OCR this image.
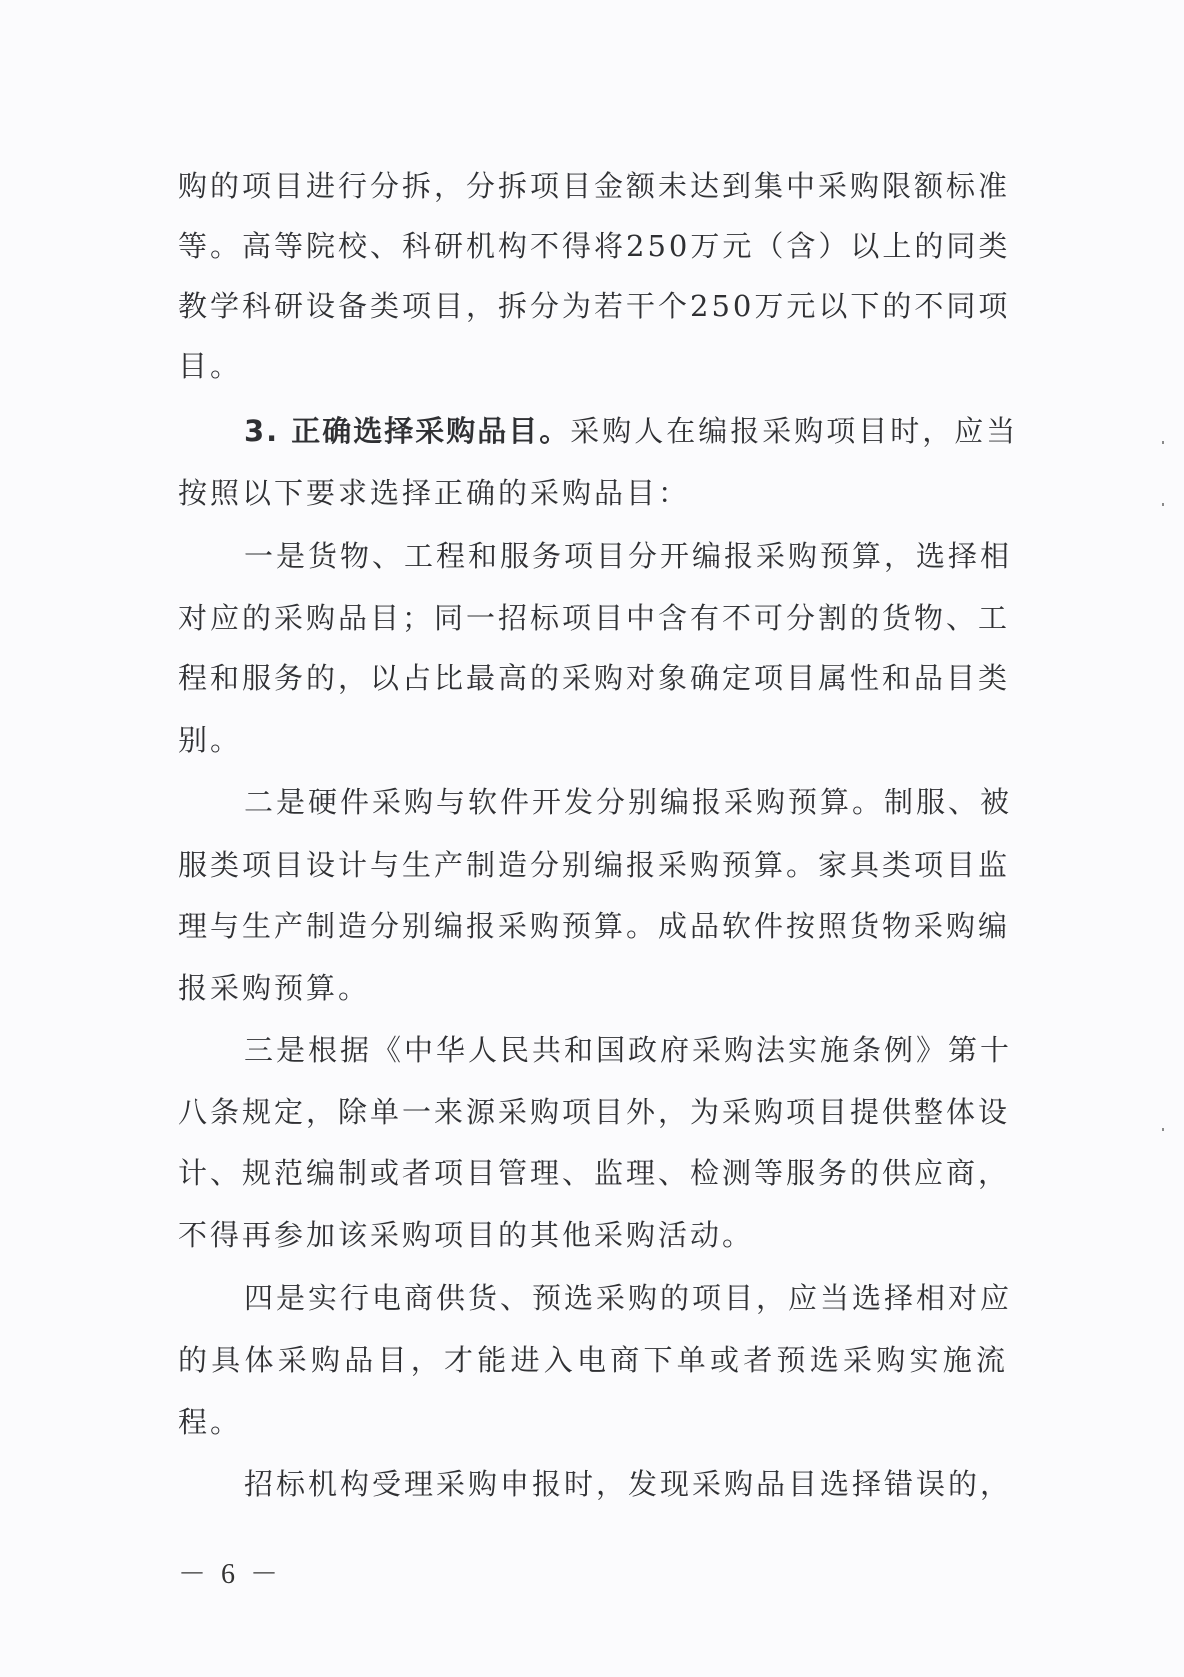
购的项目进行分拆，分拆项目金额未达到集中采购限额标准
等。高等院校、科研机构不得将250万元（含）以上的同类
教学科研设备类项目，拆分为若干个250万元以下的不同项
目。
3. 正确选择采购品目。采购人在编报采购项目时，应当
按照以下要求选择正确的采购品目：
一是货物、工程和服务项目分开编报采购预算，选择相
对应的采购品目；同一招标项目中含有不可分割的货物、工
程和服务的，以占比最高的采购对象确定项目属性和品目类
别。
二是硬件采购与软件开发分别编报采购预算。制服、被
服类项目设计与生产制造分别编报采购预算。家具类项目监
理与生产制造分别编报采购预算。成品软件按照货物采购编
报采购预算。
三是根据《中华人民共和国政府采购法实施条例》第十
八条规定，除单一来源采购项目外，为采购项目提供整体设
计、规范编制或者项目管理、监理、检测等服务的供应商，
不得再参加该采购项目的其他采购活动。
四是实行电商供货、预选采购的项目，应当选择相对应
的具体采购品目，才能进入电商下单或者预选采购实施流
程。
招标机构受理采购申报时，发现采购品目选择错误的，
－ 6 －
